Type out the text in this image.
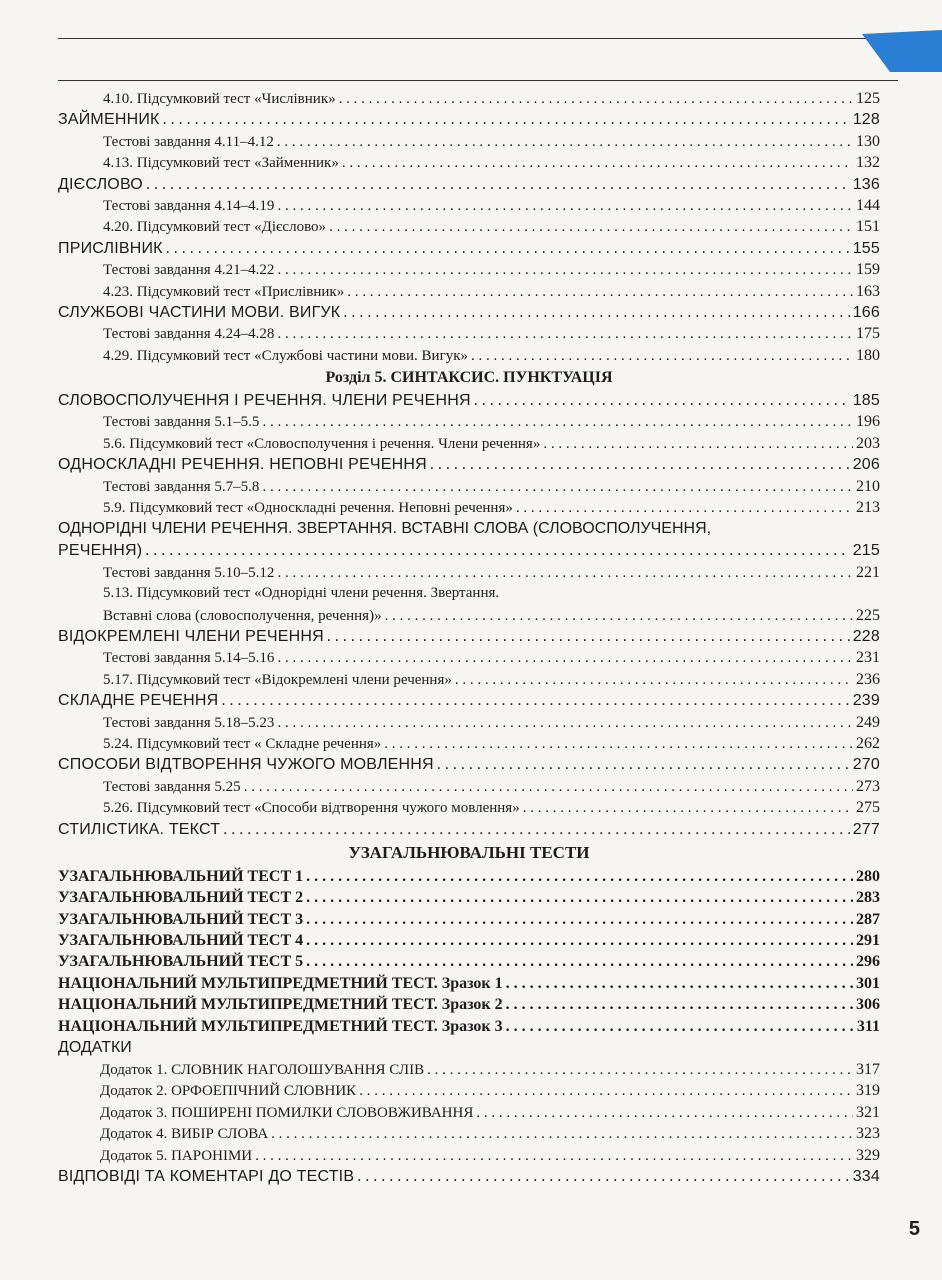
4.10. Підсумковий тест «Числівник» . . .	125
ЗАЙМЕННИК . . .	128
Тестові завдання 4.11–4.12 . . .	130
4.13. Підсумковий тест «Займенник» . . .	132
ДІЄСЛОВО . . .	136
Тестові завдання 4.14–4.19 . . .	144
4.20. Підсумковий тест «Дієслово» . . .	151
ПРИСЛІВНИК . . .	155
Тестові завдання 4.21–4.22 . . .	159
4.23. Підсумковий тест «Прислівник» . . .	163
СЛУЖБОВІ ЧАСТИНИ МОВИ. ВИГУК . . .	166
Тестові завдання 4.24–4.28 . . .	175
4.29. Підсумковий тест «Службові частини мови. Вигук» . . .	180
Розділ 5. СИНТАКСИС. ПУНКТУАЦІЯ
СЛОВОСПОЛУЧЕННЯ І РЕЧЕННЯ. ЧЛЕНИ РЕЧЕННЯ . . .	185
Тестові завдання 5.1–5.5 . . .	196
5.6. Підсумковий тест «Словосполучення і речення. Члени речення» . . .	203
ОДНОСКЛАДНІ РЕЧЕННЯ. НЕПОВНІ РЕЧЕННЯ . . .	206
Тестові завдання 5.7–5.8 . . .	210
5.9. Підсумковий тест «Односкладні речення. Неповні речення» . . .	213
ОДНОРІДНІ ЧЛЕНИ РЕЧЕННЯ. ЗВЕРТАННЯ. ВСТАВНІ СЛОВА (СЛОВОСПОЛУЧЕННЯ,
РЕЧЕННЯ) . . .	215
Тестові завдання 5.10–5.12 . . .	221
5.13. Підсумковий тест «Однорідні члени речення. Звертання.
Вставні слова (словосполучення, речення)» . . .	225
ВІДОКРЕМЛЕНІ ЧЛЕНИ РЕЧЕННЯ . . .	228
Тестові завдання 5.14–5.16 . . .	231
5.17. Підсумковий тест «Відокремлені члени речення» . . .	236
СКЛАДНЕ РЕЧЕННЯ . . .	239
Тестові завдання 5.18–5.23 . . .	249
5.24. Підсумковий тест « Складне речення» . . .	262
СПОСОБИ ВІДТВОРЕННЯ ЧУЖОГО МОВЛЕННЯ . . .	270
Тестові завдання 5.25 . . .	273
5.26. Підсумковий тест «Способи відтворення чужого мовлення» . . .	275
СТИЛІСТИКА. ТЕКСТ . . .	277
УЗАГАЛЬНЮВАЛЬНІ ТЕСТИ
УЗАГАЛЬНЮВАЛЬНИЙ ТЕСТ 1 . . .	280
УЗАГАЛЬНЮВАЛЬНИЙ ТЕСТ 2 . . .	283
УЗАГАЛЬНЮВАЛЬНИЙ ТЕСТ 3 . . .	287
УЗАГАЛЬНЮВАЛЬНИЙ ТЕСТ 4 . . .	291
УЗАГАЛЬНЮВАЛЬНИЙ ТЕСТ 5 . . .	296
НАЦІОНАЛЬНИЙ МУЛЬТИПРЕДМЕТНИЙ ТЕСТ. Зразок 1 . . .	301
НАЦІОНАЛЬНИЙ МУЛЬТИПРЕДМЕТНИЙ ТЕСТ. Зразок 2 . . .	306
НАЦІОНАЛЬНИЙ МУЛЬТИПРЕДМЕТНИЙ ТЕСТ. Зразок 3 . . .	311
ДОДАТКИ
Додаток 1. СЛОВНИК НАГОЛОШУВАННЯ СЛІВ . . .	317
Додаток 2. ОРФОЕПІЧНИЙ СЛОВНИК . . .	319
Додаток 3. ПОШИРЕНІ ПОМИЛКИ СЛОВОВЖИВАННЯ . . .	321
Додаток 4. ВИБІР СЛОВА . . .	323
Додаток 5. ПАРОНІМИ . . .	329
ВІДПОВІДІ ТА КОМЕНТАРІ ДО ТЕСТІВ . . .	334
5
